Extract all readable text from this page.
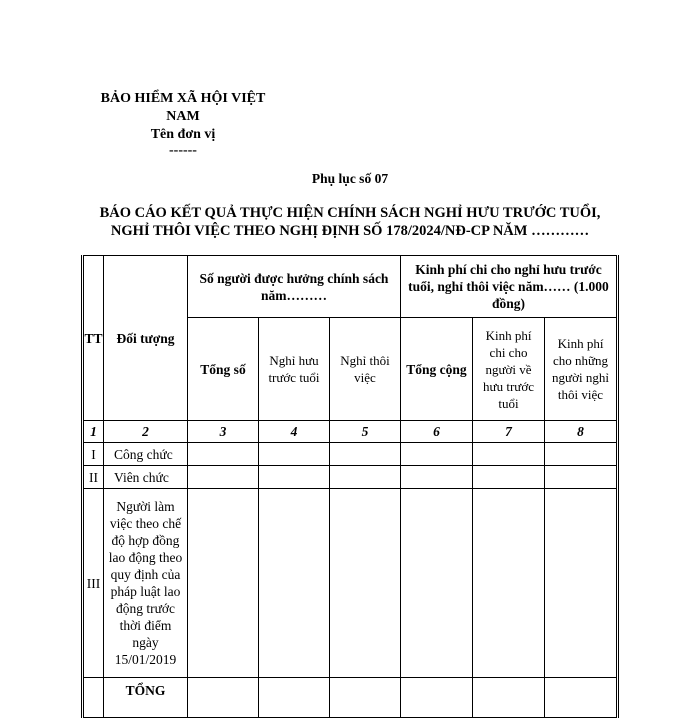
BẢO HIỂM XÃ HỘI VIỆT
NAM
Tên đơn vị
------
Phụ lục số 07
BÁO CÁO KẾT QUẢ THỰC HIỆN CHÍNH SÁCH NGHỈ HƯU TRƯỚC TUỔI,
NGHỈ THÔI VIỆC THEO NGHỊ ĐỊNH SỐ 178/2024/NĐ-CP NĂM …………
TT	Đối tượng	Số người được hưởng chính sách năm………			Kinh phí chi cho nghỉ hưu trước tuổi, nghỉ thôi việc năm…… (1.000 đồng)		
		Tổng số	Nghỉ hưu trước tuổi	Nghỉ thôi việc	Tổng cộng	Kinh phí chi cho người về hưu trước tuổi	Kinh phí cho những người nghỉ thôi việc
1	2	3	4	5	6	7	8
I	Công chức						
II	Viên chức						
III	Người làm việc theo chế độ hợp đồng lao động theo quy định của pháp luật lao động trước thời điểm ngày 15/01/2019						
	TỔNG						
